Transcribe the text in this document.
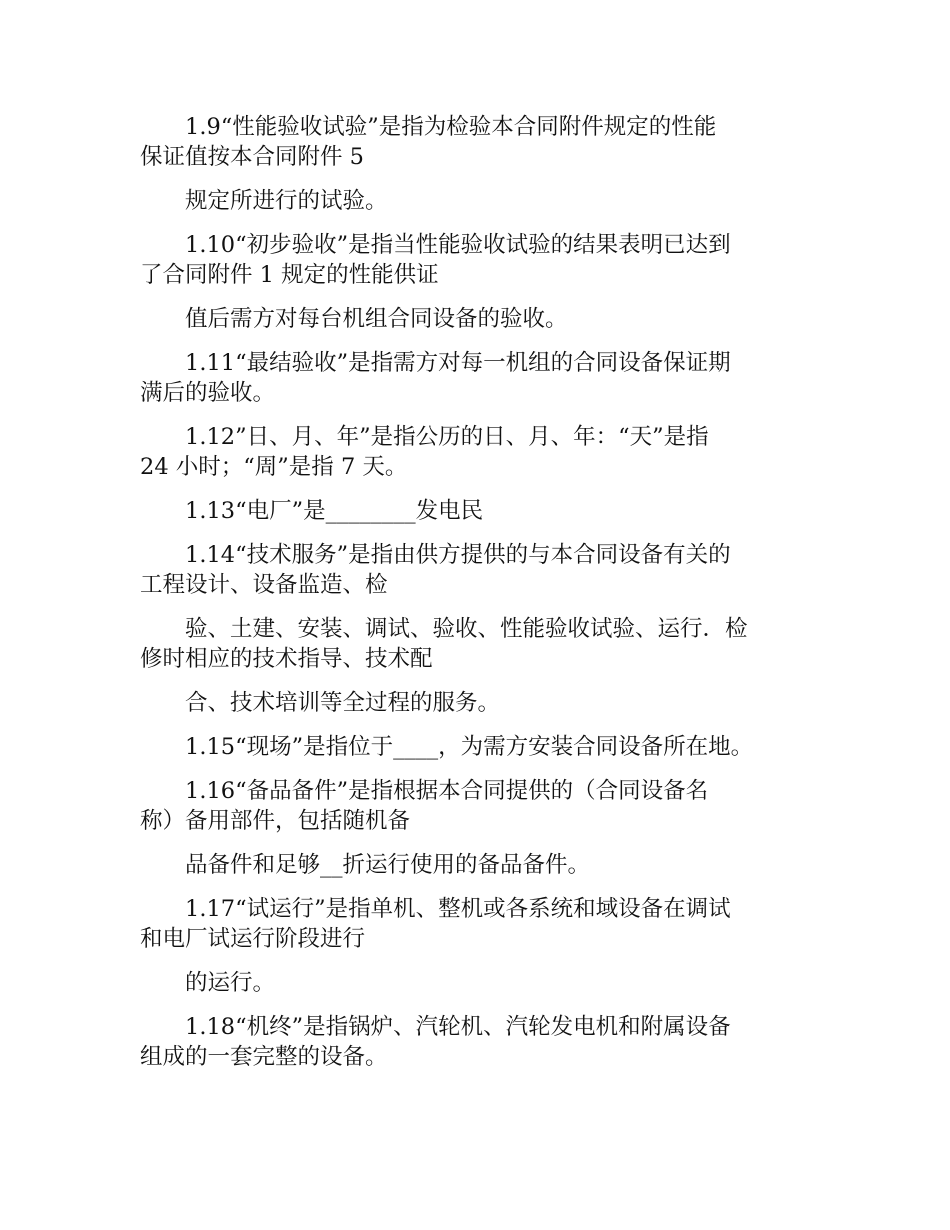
1.9“性能验收试验”是指为检验本合同附件规定的性能
保证值按本合同附件 5

规定所进行的试验。

1.10“初步验收”是指当性能验收试验的结果表明已达到
了合同附件 1 规定的性能供证

值后需方对每台机组合同设备的验收。

1.11“最结验收”是指需方对每一机组的合同设备保证期
满后的验收。

1.12”日、月、年”是指公历的日、月、年：“天”是指
24 小时；“周”是指 7 天。

1.13“电厂”是________发电民

1.14“技术服务”是指由供方提供的与本合同设备有关的
工程设计、设备监造、检

验、土建、安装、调试、验收、性能验收试验、运行．检
修时相应的技术指导、技术配

合、技术培训等全过程的服务。

1.15“现场”是指位于____，为需方安装合同设备所在地。

1.16“备品备件”是指根据本合同提供的（合同设备名
称）备用部件，包括随机备

品备件和足够__折运行使用的备品备件。

1.17“试运行”是指单机、整机或各系统和域设备在调试
和电厂试运行阶段进行

的运行。

1.18“机终”是指锅炉、汽轮机、汽轮发电机和附属设备
组成的一套完整的设备。
